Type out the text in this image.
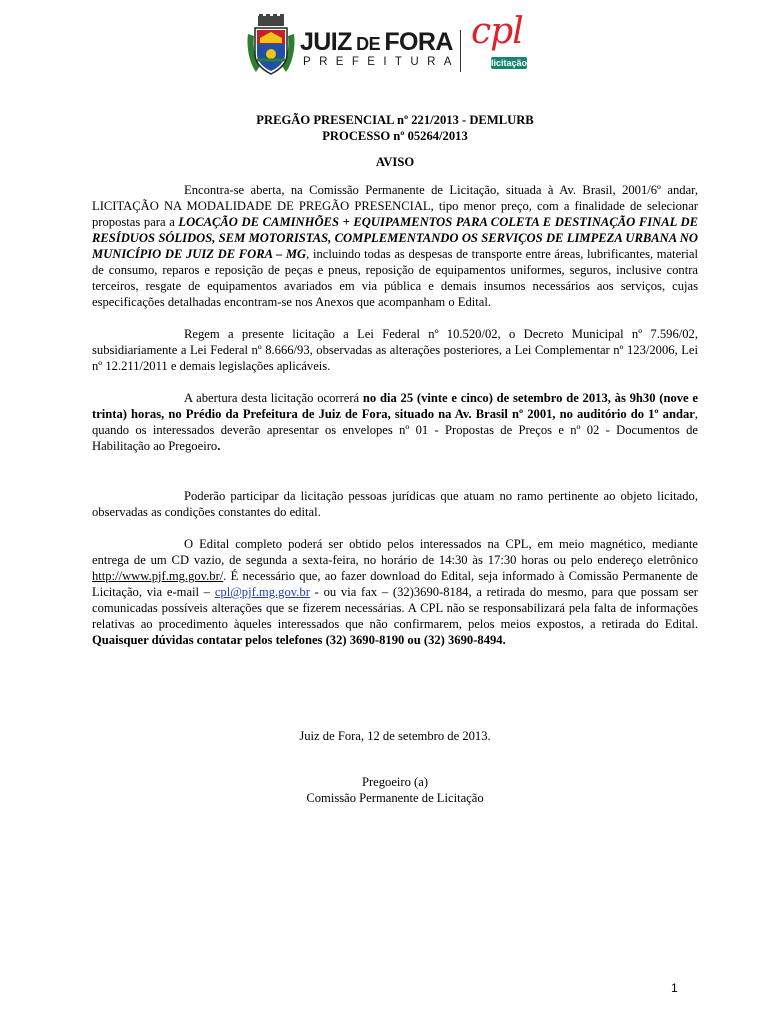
JUIZ DE FORA
PREFEITURA
cpl
licitação
PREGÃO PRESENCIAL nº 221/2013 - DEMLURB
PROCESSO nº 05264/2013
AVISO

Encontra-se aberta, na Comissão Permanente de Licitação, situada à Av. Brasil, 2001/6º andar, LICITAÇÃO NA MODALIDADE DE PREGÃO PRESENCIAL, tipo menor preço, com a finalidade de selecionar propostas para a LOCAÇÃO DE CAMINHÕES + EQUIPAMENTOS PARA COLETA E DESTINAÇÃO FINAL DE RESÍDUOS SÓLIDOS, SEM MOTORISTAS, COMPLEMENTANDO OS SERVIÇOS DE LIMPEZA URBANA NO MUNICÍPIO DE JUIZ DE FORA – MG, incluindo todas as despesas de transporte entre áreas, lubrificantes, material de consumo, reparos e reposição de peças e pneus, reposição de equipamentos uniformes, seguros, inclusive contra terceiros, resgate de equipamentos avariados em via pública e demais insumos necessários aos serviços, cujas especificações detalhadas encontram-se nos Anexos que acompanham o Edital.

Regem a presente licitação a Lei Federal nº 10.520/02, o Decreto Municipal nº 7.596/02, subsidiariamente a Lei Federal nº 8.666/93, observadas as alterações posteriores, a Lei Complementar nº 123/2006, Lei nº 12.211/2011 e demais legislações aplicáveis.

A abertura desta licitação ocorrerá no dia 25 (vinte e cinco) de setembro de 2013, às 9h30 (nove e trinta) horas, no Prédio da Prefeitura de Juiz de Fora, situado na Av. Brasil nº 2001, no auditório do 1º andar, quando os interessados deverão apresentar os envelopes nº 01 - Propostas de Preços e nº 02 - Documentos de Habilitação ao Pregoeiro.

Poderão participar da licitação pessoas jurídicas que atuam no ramo pertinente ao objeto licitado, observadas as condições constantes do edital.

O Edital completo poderá ser obtido pelos interessados na CPL, em meio magnético, mediante entrega de um CD vazio, de segunda a sexta-feira, no horário de 14:30 às 17:30 horas ou pelo endereço eletrônico http://www.pjf.mg.gov.br/. É necessário que, ao fazer download do Edital, seja informado à Comissão Permanente de Licitação, via e-mail – cpl@pjf.mg.gov.br - ou via fax – (32)3690-8184, a retirada do mesmo, para que possam ser comunicadas possíveis alterações que se fizerem necessárias. A CPL não se responsabilizará pela falta de informações relativas ao procedimento àqueles interessados que não confirmarem, pelos meios expostos, a retirada do Edital. Quaisquer dúvidas contatar pelos telefones (32) 3690-8190 ou (32) 3690-8494.

Juiz de Fora, 12 de setembro de 2013.
Pregoeiro (a)
Comissão Permanente de Licitação
1
